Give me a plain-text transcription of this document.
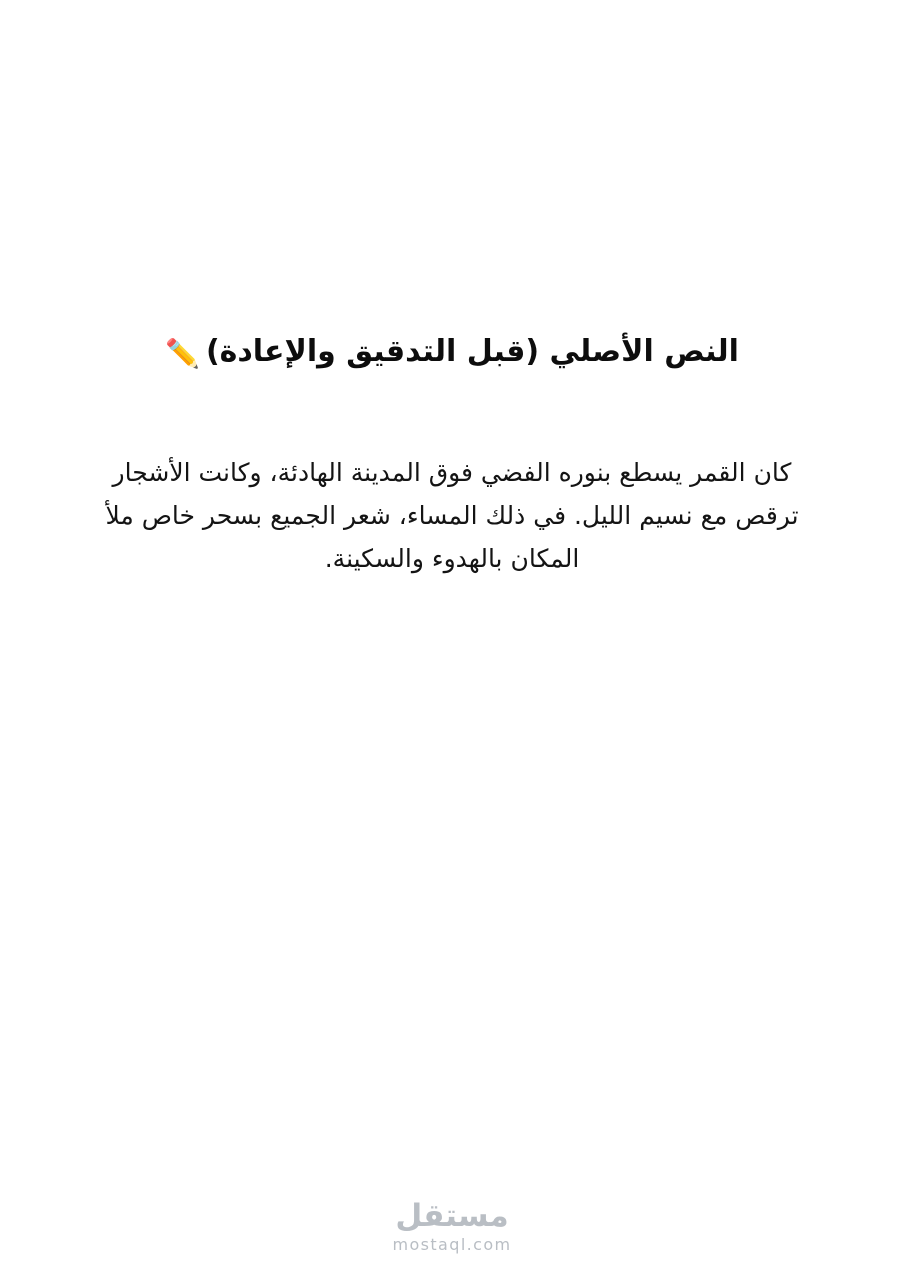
النص الأصلي (قبل التدقيق والإعادة)✏️

كان القمر يسطع بنوره الفضي فوق المدينة الهادئة، وكانت الأشجار ترقص مع نسيم الليل. في ذلك المساء، شعر الجميع بسحر خاص ملأ المكان بالهدوء والسكينة.

مستقل
mostaql.com
